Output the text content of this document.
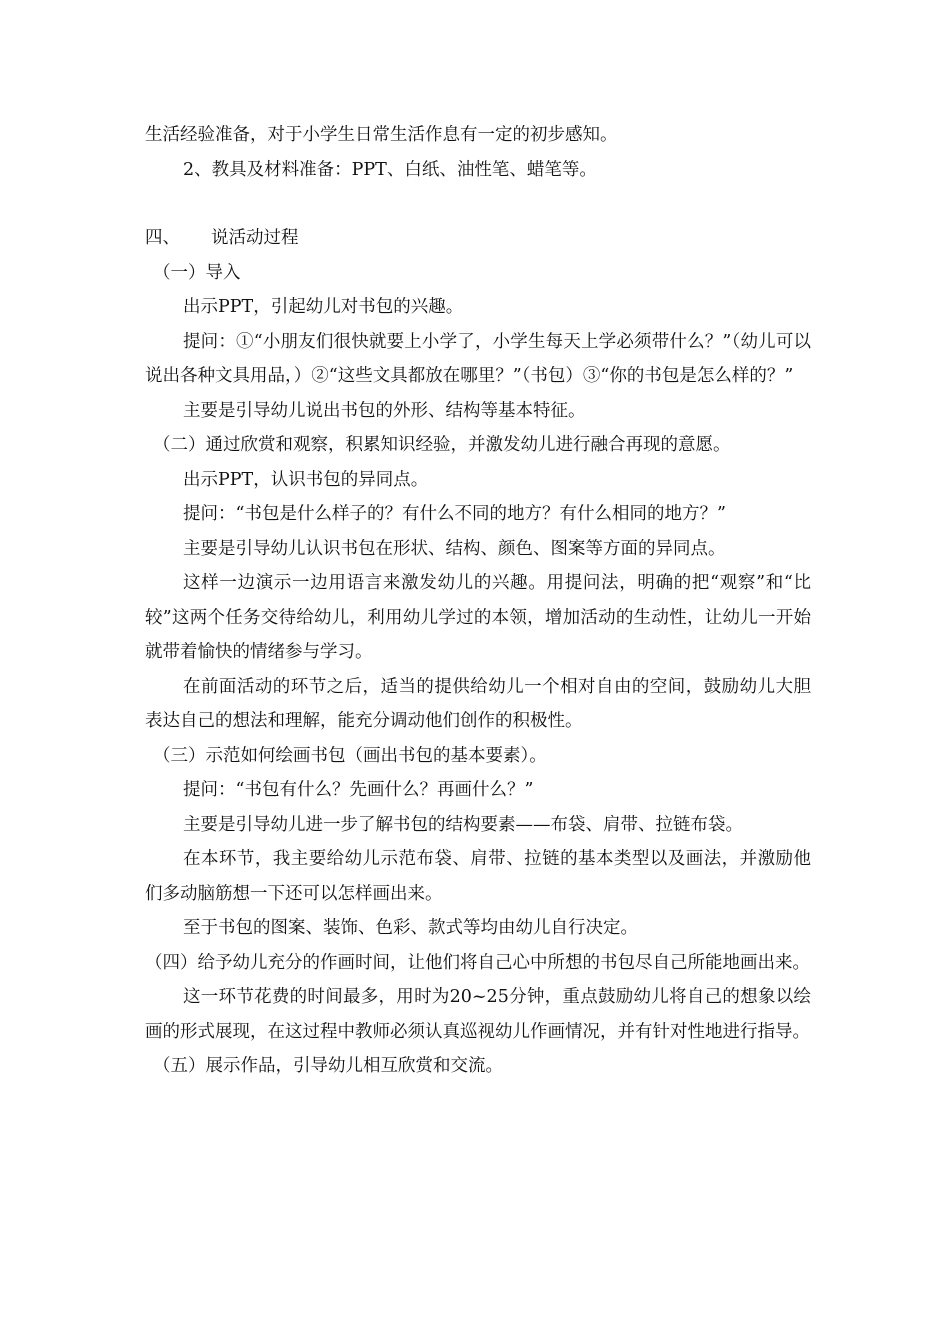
生活经验准备，对于小学生日常生活作息有一定的初步感知。

2、教具及材料准备：PPT、白纸、油性笔、蜡笔等。

四、 说活动过程

（一）导入

出示PPT，引起幼儿对书包的兴趣。

提问：①“小朋友们很快就要上小学了，小学生每天上学必须带什么？”（幼儿可以说出各种文具用品，）②“这些文具都放在哪里？”（书包）③“你的书包是怎么样的？”

主要是引导幼儿说出书包的外形、结构等基本特征。

（二）通过欣赏和观察，积累知识经验，并激发幼儿进行融合再现的意愿。

出示PPT，认识书包的异同点。

提问：“书包是什么样子的？有什么不同的地方？有什么相同的地方？”

主要是引导幼儿认识书包在形状、结构、颜色、图案等方面的异同点。

这样一边演示一边用语言来激发幼儿的兴趣。用提问法，明确的把“观察”和“比较”这两个任务交待给幼儿，利用幼儿学过的本领，增加活动的生动性，让幼儿一开始就带着愉快的情绪参与学习。

在前面活动的环节之后，适当的提供给幼儿一个相对自由的空间，鼓励幼儿大胆表达自己的想法和理解，能充分调动他们创作的积极性。

（三）示范如何绘画书包（画出书包的基本要素）。

提问：“书包有什么？先画什么？再画什么？”

主要是引导幼儿进一步了解书包的结构要素——布袋、肩带、拉链布袋。

在本环节，我主要给幼儿示范布袋、肩带、拉链的基本类型以及画法，并激励他们多动脑筋想一下还可以怎样画出来。

至于书包的图案、装饰、色彩、款式等均由幼儿自行决定。

（四）给予幼儿充分的作画时间，让他们将自己心中所想的书包尽自己所能地画出来。

这一环节花费的时间最多，用时为20~25分钟，重点鼓励幼儿将自己的想象以绘画的形式展现，在这过程中教师必须认真巡视幼儿作画情况，并有针对性地进行指导。

（五）展示作品，引导幼儿相互欣赏和交流。
